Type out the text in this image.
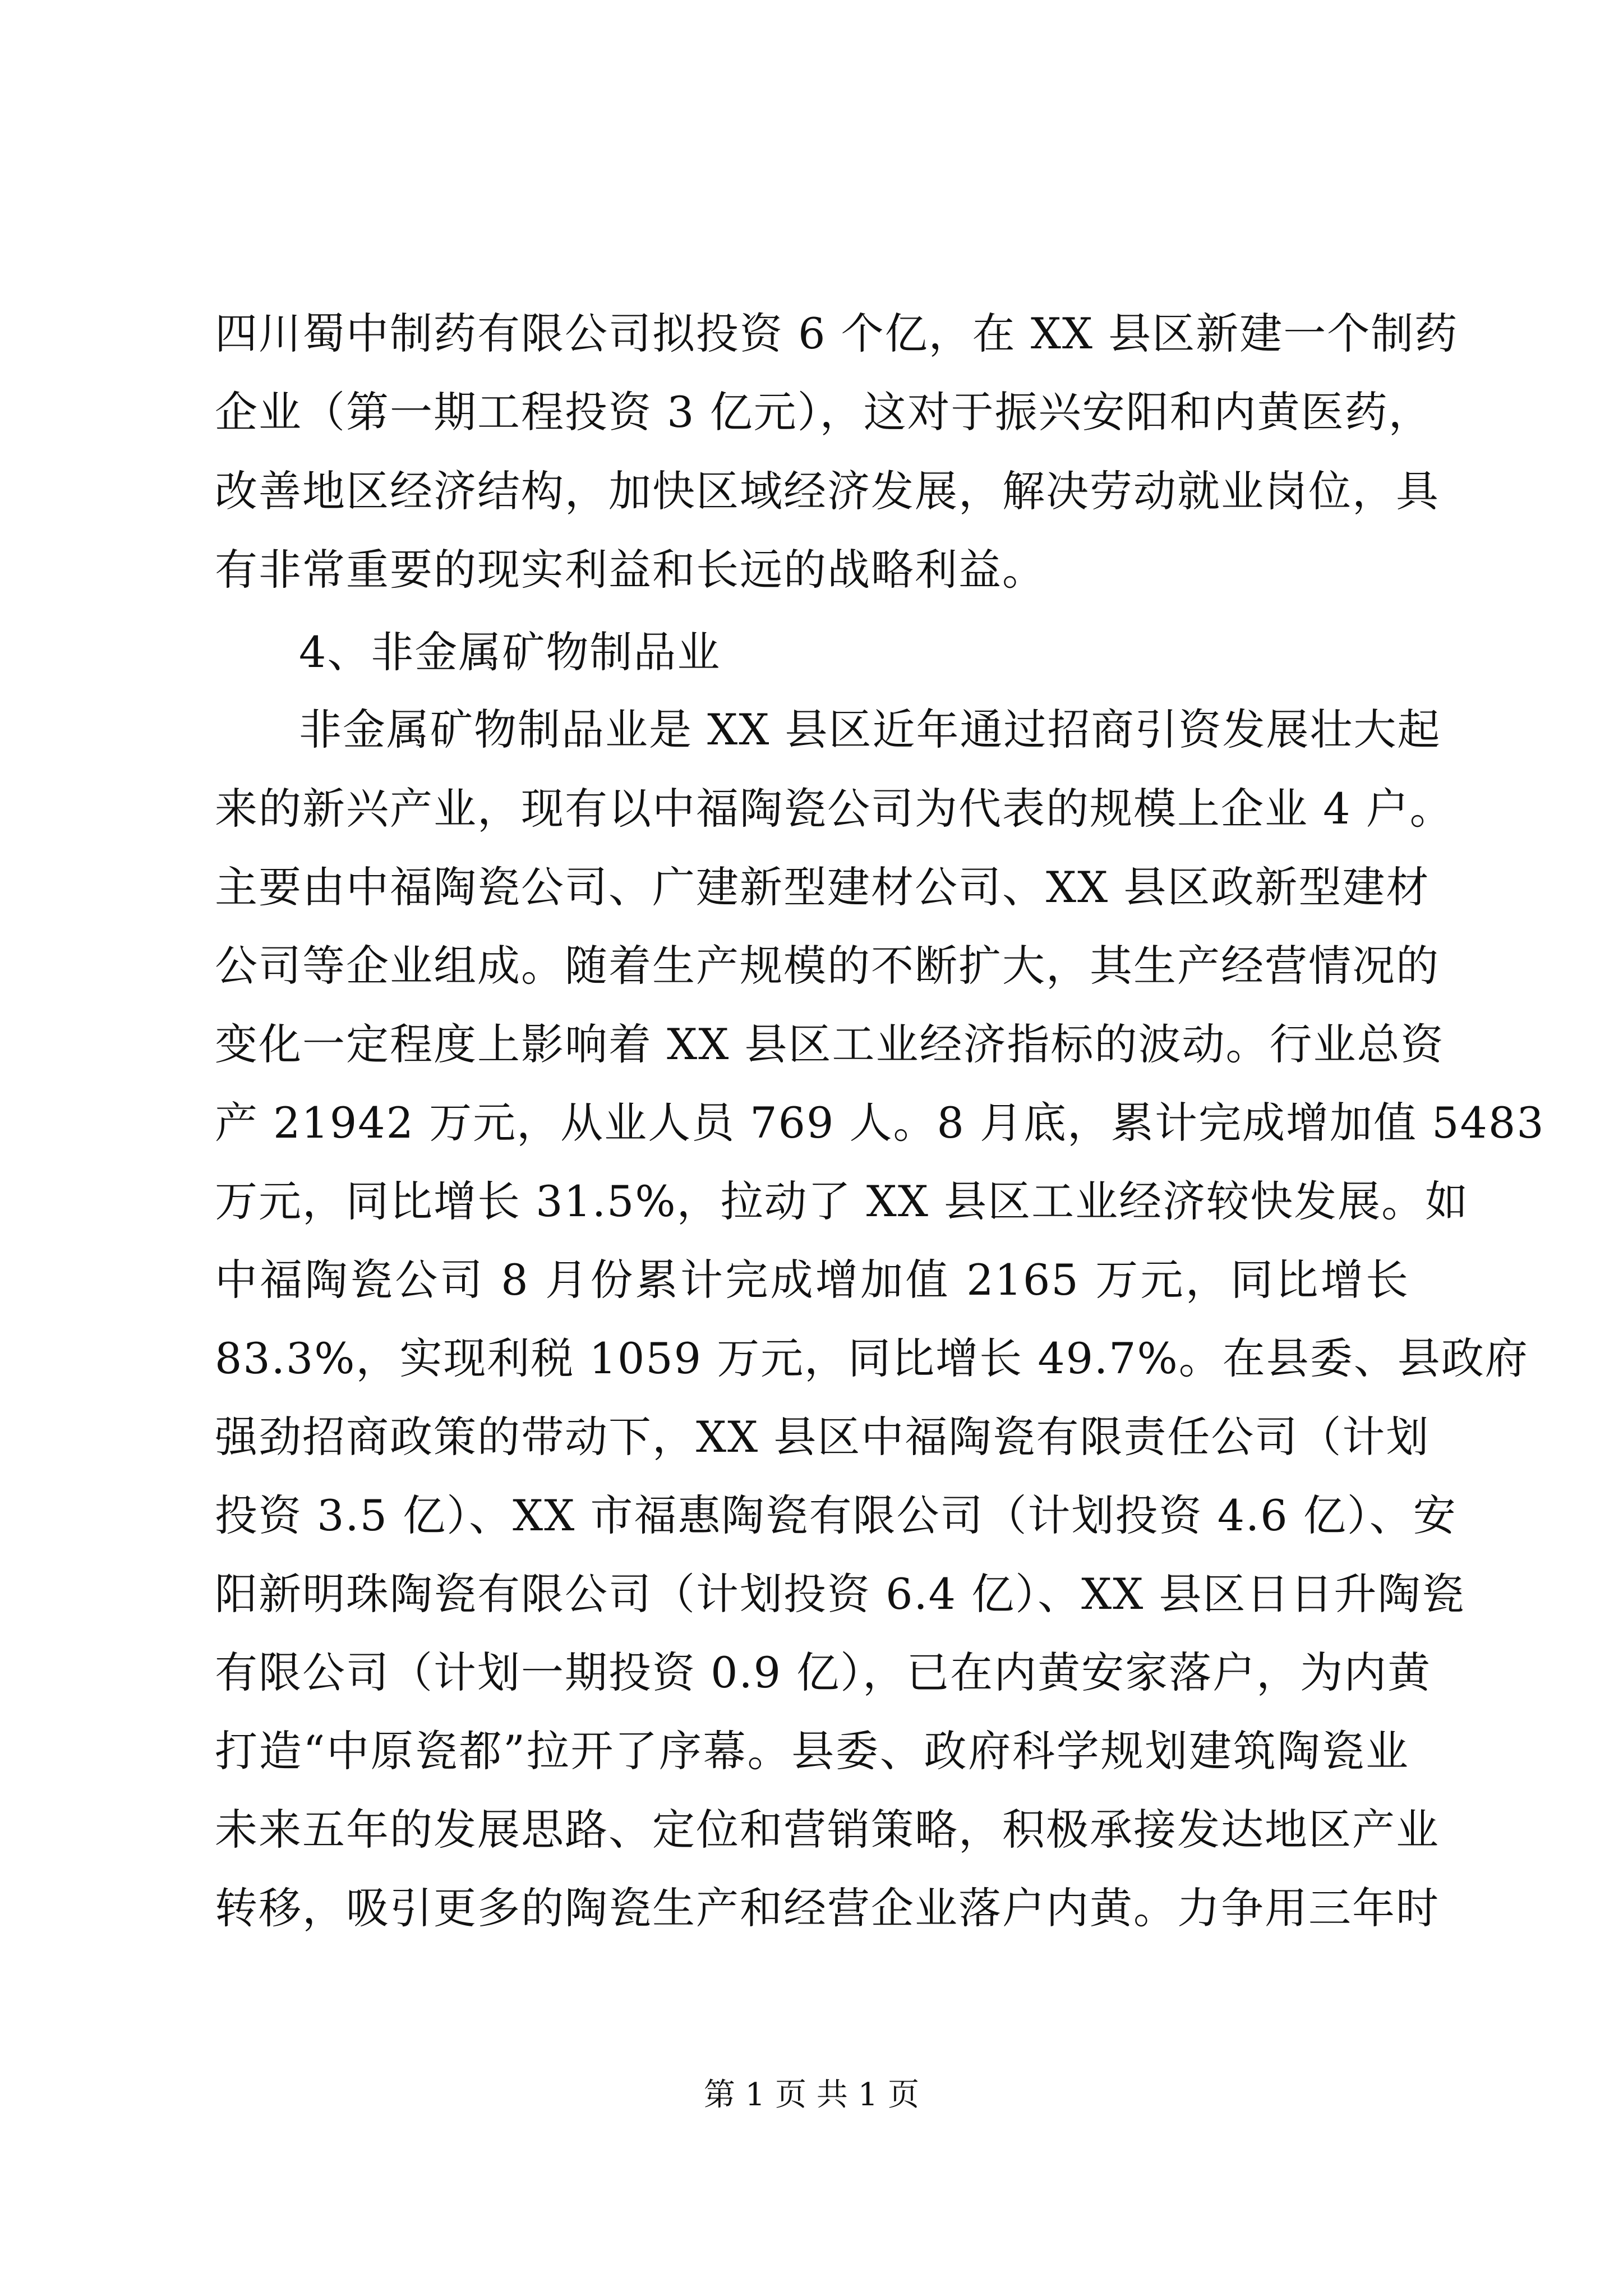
四川蜀中制药有限公司拟投资 6 个亿，在 XX 县区新建一个制药
企业（第一期工程投资 3 亿元），这对于振兴安阳和内黄医药，
改善地区经济结构，加快区域经济发展，解决劳动就业岗位，具
有非常重要的现实利益和长远的战略利益。
4、非金属矿物制品业
非金属矿物制品业是 XX 县区近年通过招商引资发展壮大起
来的新兴产业，现有以中福陶瓷公司为代表的规模上企业 4 户。
主要由中福陶瓷公司、广建新型建材公司、XX 县区政新型建材
公司等企业组成。随着生产规模的不断扩大，其生产经营情况的
变化一定程度上影响着 XX 县区工业经济指标的波动。行业总资
产 21942 万元，从业人员 769 人。8 月底，累计完成增加值 5483
万元，同比增长 31.5%，拉动了 XX 县区工业经济较快发展。如
中福陶瓷公司 8 月份累计完成增加值 2165 万元，同比增长
83.3%，实现利税 1059 万元，同比增长 49.7%。在县委、县政府
强劲招商政策的带动下，XX 县区中福陶瓷有限责任公司（计划
投资 3.5 亿）、XX 市福惠陶瓷有限公司（计划投资 4.6 亿）、安
阳新明珠陶瓷有限公司（计划投资 6.4 亿）、XX 县区日日升陶瓷
有限公司（计划一期投资 0.9 亿），已在内黄安家落户，为内黄
打造“中原瓷都”拉开了序幕。县委、政府科学规划建筑陶瓷业
未来五年的发展思路、定位和营销策略，积极承接发达地区产业
转移，吸引更多的陶瓷生产和经营企业落户内黄。力争用三年时
第 1 页 共 1 页
